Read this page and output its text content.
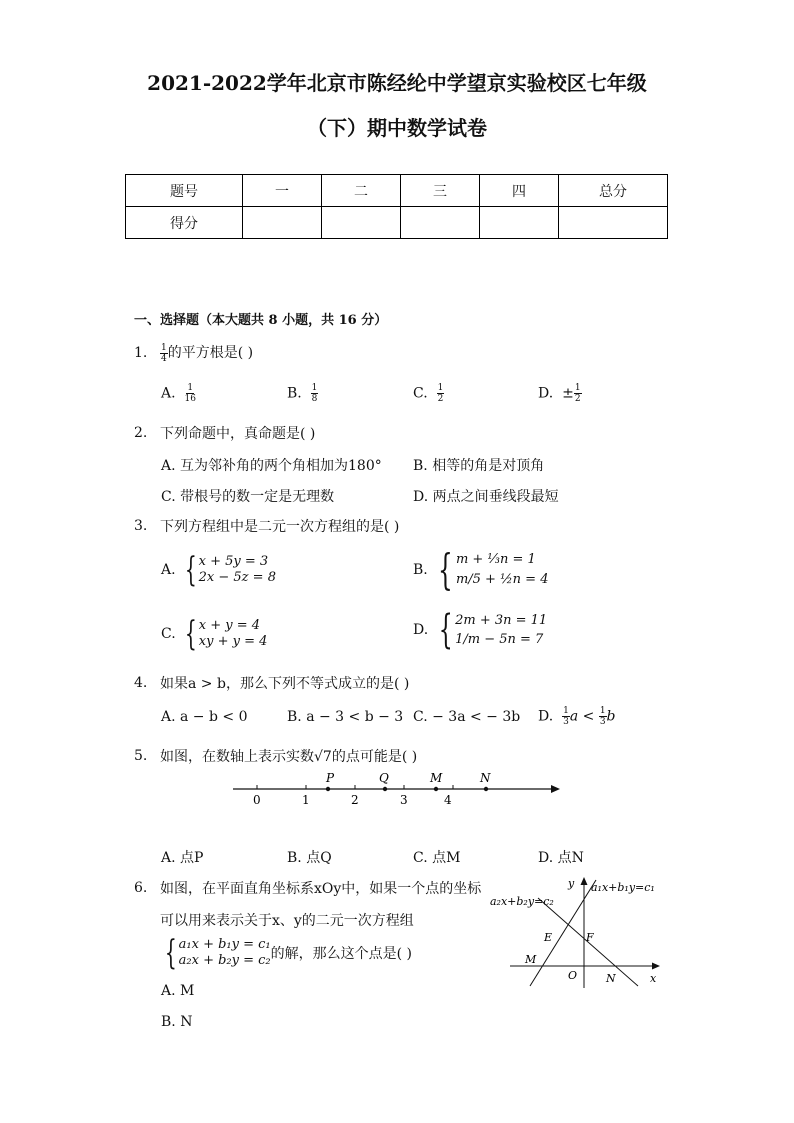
2021-2022学年北京市陈经纶中学望京实验校区七年级
（下）期中数学试卷
题号	一	二	三	四	总分
得分					
一、选择题（本大题共 8 小题，共 16 分）
1. $\frac{1}{4}$ 的平方根是( )
A. $\frac{1}{16}$	B. $\frac{1}{8}$	C. $\frac{1}{2}$	D. ± $\frac{1}{2}$
2. 下列命题中，真命题是( )
A. 互为邻补角的两个角相加为180° B. 相等的角是对顶角
C. 带根号的数一定是无理数	D. 两点之间垂线段最短
3. 下列方程组中是二元一次方程组的是( )
A. { x + 5y = 3
2x − 5z = 8	B. { m + ⅓n = 1
m/5 + ½n = 4
C. { x + y = 4
xy + y = 4
D. { 2m + 3n = 11
1/m − 5n = 7
4. 如果a > b，那么下列不等式成立的是( )
A. a − b < 0	B. a − 3 < b − 3 C. − 3a < − 3b D. $\frac{1}{3}$ $a < \frac{1}{3}$ b
5. 如图，在数轴上表示实数√7的点可能是( )
0	1	2	3	4
P	Q	M	N
A. 点P	B. 点Q	C. 点M	D. 点N
6. 如图，在平面直角坐标系xOy中，如果一个点的坐标
可以用来表示关于x、y的二元一次方程组
{ a₁x + b₁y = c₁
a₂x + b₂y = c₂ 的解，那么这个点是( )
A. M
B. N
a₁x+b₁y=c₁
a₂x+b₂y=c₂
y
x
O
E	F
M
N
